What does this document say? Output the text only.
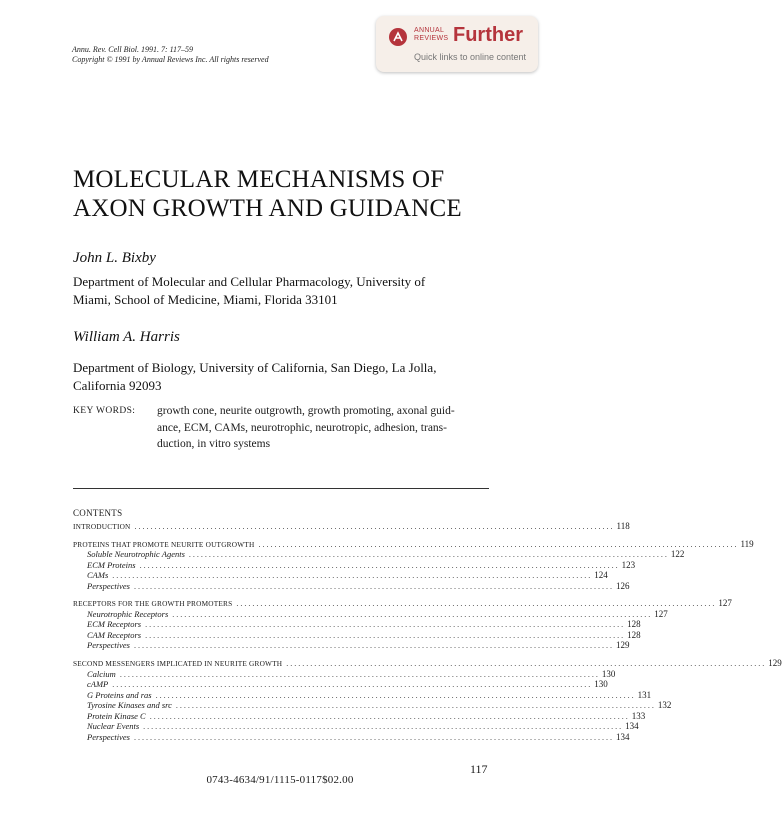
Annu. Rev. Cell Biol. 1991. 7: 117–59
Copyright © 1991 by Annual Reviews Inc. All rights reserved
ANNUAL
REVIEWS Further
Quick links to online content
MOLECULAR MECHANISMS OF
AXON GROWTH AND GUIDANCE
John L. Bixby
Department of Molecular and Cellular Pharmacology, University of
Miami, School of Medicine, Miami, Florida 33101
William A. Harris
Department of Biology, University of California, San Diego, La Jolla,
California 92093
KEY WORDS: growth cone, neurite outgrowth, growth promoting, axonal guid-
ance, ECM, CAMs, neurotrophic, neurotropic, adhesion, trans-
duction, in vitro systems
CONTENTS
INTRODUCTION . . . . . . . . . . . . . . . . . . . . . . . . . . . . . . . . . . . . . . . . . . . . . . . . . . . . . . . . . . . . . . . . . . . . . . . . . . . . . . . . . . . . . . . . . . . . . . . . . . . . . . . . . . . . . . . . . . . . . . . . 118
PROTEINS THAT PROMOTE NEURITE OUTGROWTH . . . . . . . . . . . . . . . . . . . . . . . . . . . . . . . . . . . . . . . . . . . . . . . . . . . . . . . . . . . . . . . . . . . . . . . . . . . . . . . . . . . . . . . . . . . . . . . . . . . . . . . . . . . . . . . . . . . . . . . . 119
Soluble Neurotrophic Agents . . . . . . . . . . . . . . . . . . . . . . . . . . . . . . . . . . . . . . . . . . . . . . . . . . . . . . . . . . . . . . . . . . . . . . . . . . . . . . . . . . . . . . . . . . . . . . . . . . . . . . . . . . . . . . . . . . . . . . . . 122
ECM Proteins . . . . . . . . . . . . . . . . . . . . . . . . . . . . . . . . . . . . . . . . . . . . . . . . . . . . . . . . . . . . . . . . . . . . . . . . . . . . . . . . . . . . . . . . . . . . . . . . . . . . . . . . . . . . . . . . . . . . . . . . 123
CAMs . . . . . . . . . . . . . . . . . . . . . . . . . . . . . . . . . . . . . . . . . . . . . . . . . . . . . . . . . . . . . . . . . . . . . . . . . . . . . . . . . . . . . . . . . . . . . . . . . . . . . . . . . . . . . . . . . . . . . . . . 124
Perspectives . . . . . . . . . . . . . . . . . . . . . . . . . . . . . . . . . . . . . . . . . . . . . . . . . . . . . . . . . . . . . . . . . . . . . . . . . . . . . . . . . . . . . . . . . . . . . . . . . . . . . . . . . . . . . . . . . . . . . . . . 126
RECEPTORS FOR THE GROWTH PROMOTERS . . . . . . . . . . . . . . . . . . . . . . . . . . . . . . . . . . . . . . . . . . . . . . . . . . . . . . . . . . . . . . . . . . . . . . . . . . . . . . . . . . . . . . . . . . . . . . . . . . . . . . . . . . . . . . . . . . . . . . . . 127
Neurotrophic Receptors . . . . . . . . . . . . . . . . . . . . . . . . . . . . . . . . . . . . . . . . . . . . . . . . . . . . . . . . . . . . . . . . . . . . . . . . . . . . . . . . . . . . . . . . . . . . . . . . . . . . . . . . . . . . . . . . . . . . . . . . 127
ECM Receptors . . . . . . . . . . . . . . . . . . . . . . . . . . . . . . . . . . . . . . . . . . . . . . . . . . . . . . . . . . . . . . . . . . . . . . . . . . . . . . . . . . . . . . . . . . . . . . . . . . . . . . . . . . . . . . . . . . . . . . . . 128
CAM Receptors . . . . . . . . . . . . . . . . . . . . . . . . . . . . . . . . . . . . . . . . . . . . . . . . . . . . . . . . . . . . . . . . . . . . . . . . . . . . . . . . . . . . . . . . . . . . . . . . . . . . . . . . . . . . . . . . . . . . . . . . 128
Perspectives . . . . . . . . . . . . . . . . . . . . . . . . . . . . . . . . . . . . . . . . . . . . . . . . . . . . . . . . . . . . . . . . . . . . . . . . . . . . . . . . . . . . . . . . . . . . . . . . . . . . . . . . . . . . . . . . . . . . . . . . 129
SECOND MESSENGERS IMPLICATED IN NEURITE GROWTH . . . . . . . . . . . . . . . . . . . . . . . . . . . . . . . . . . . . . . . . . . . . . . . . . . . . . . . . . . . . . . . . . . . . . . . . . . . . . . . . . . . . . . . . . . . . . . . . . . . . . . . . . . . . . . . . . . . . . . . . 129
Calcium . . . . . . . . . . . . . . . . . . . . . . . . . . . . . . . . . . . . . . . . . . . . . . . . . . . . . . . . . . . . . . . . . . . . . . . . . . . . . . . . . . . . . . . . . . . . . . . . . . . . . . . . . . . . . . . . . . . . . . . . 130
cAMP . . . . . . . . . . . . . . . . . . . . . . . . . . . . . . . . . . . . . . . . . . . . . . . . . . . . . . . . . . . . . . . . . . . . . . . . . . . . . . . . . . . . . . . . . . . . . . . . . . . . . . . . . . . . . . . . . . . . . . . . 130
G Proteins and ras . . . . . . . . . . . . . . . . . . . . . . . . . . . . . . . . . . . . . . . . . . . . . . . . . . . . . . . . . . . . . . . . . . . . . . . . . . . . . . . . . . . . . . . . . . . . . . . . . . . . . . . . . . . . . . . . . . . . . . . . 131
Tyrosine Kinases and src . . . . . . . . . . . . . . . . . . . . . . . . . . . . . . . . . . . . . . . . . . . . . . . . . . . . . . . . . . . . . . . . . . . . . . . . . . . . . . . . . . . . . . . . . . . . . . . . . . . . . . . . . . . . . . . . . . . . . . . . 132
Protein Kinase C . . . . . . . . . . . . . . . . . . . . . . . . . . . . . . . . . . . . . . . . . . . . . . . . . . . . . . . . . . . . . . . . . . . . . . . . . . . . . . . . . . . . . . . . . . . . . . . . . . . . . . . . . . . . . . . . . . . . . . . . 133
Nuclear Events . . . . . . . . . . . . . . . . . . . . . . . . . . . . . . . . . . . . . . . . . . . . . . . . . . . . . . . . . . . . . . . . . . . . . . . . . . . . . . . . . . . . . . . . . . . . . . . . . . . . . . . . . . . . . . . . . . . . . . . . 134
Perspectives . . . . . . . . . . . . . . . . . . . . . . . . . . . . . . . . . . . . . . . . . . . . . . . . . . . . . . . . . . . . . . . . . . . . . . . . . . . . . . . . . . . . . . . . . . . . . . . . . . . . . . . . . . . . . . . . . . . . . . . . 134
117
0743-4634/91/1115-0117$02.00
